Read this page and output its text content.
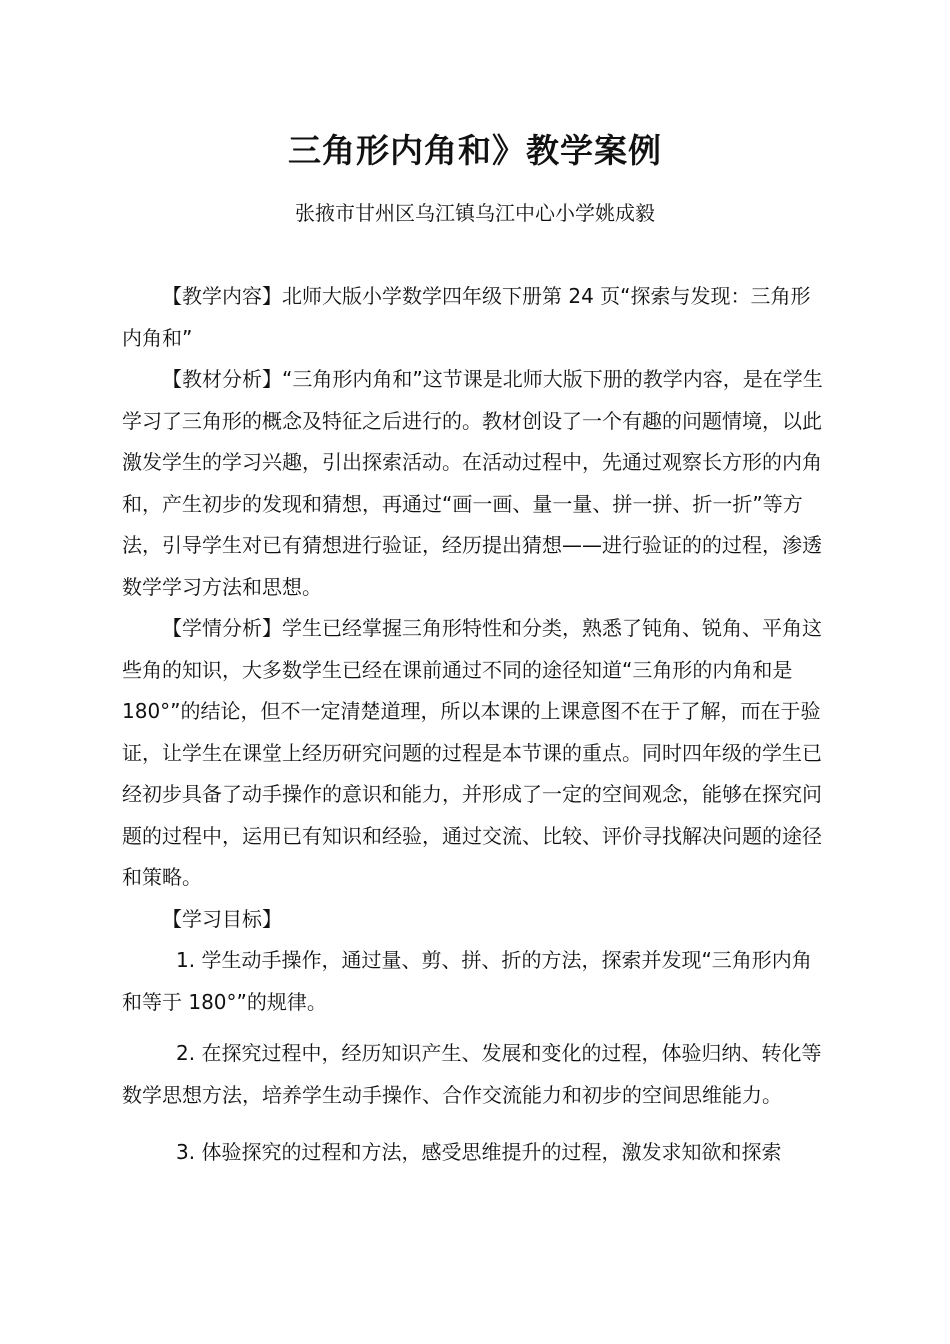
三角形内角和》教学案例
张掖市甘州区乌江镇乌江中心小学姚成毅

【教学内容】北师大版小学数学四年级下册第 24 页“探索与发现：三角形内角和”

【教材分析】“三角形内角和”这节课是北师大版下册的教学内容，是在学生学习了三角形的概念及特征之后进行的。教材创设了一个有趣的问题情境，以此激发学生的学习兴趣，引出探索活动。在活动过程中，先通过观察长方形的内角和，产生初步的发现和猜想，再通过“画一画、量一量、拼一拼、折一折”等方法，引导学生对已有猜想进行验证，经历提出猜想——进行验证的的过程，渗透数学学习方法和思想。

【学情分析】学生已经掌握三角形特性和分类，熟悉了钝角、锐角、平角这些角的知识，大多数学生已经在课前通过不同的途径知道“三角形的内角和是 180°”的结论，但不一定清楚道理，所以本课的上课意图不在于了解，而在于验证，让学生在课堂上经历研究问题的过程是本节课的重点。同时四年级的学生已经初步具备了动手操作的意识和能力，并形成了一定的空间观念，能够在探究问题的过程中，运用已有知识和经验，通过交流、比较、评价寻找解决问题的途径和策略。

【学习目标】

1. 学生动手操作，通过量、剪、拼、折的方法，探索并发现“三角形内角和等于 180°”的规律。

2. 在探究过程中，经历知识产生、发展和变化的过程，体验归纳、转化等数学思想方法，培养学生动手操作、合作交流能力和初步的空间思维能力。

3. 体验探究的过程和方法，感受思维提升的过程，激发求知欲和探索
